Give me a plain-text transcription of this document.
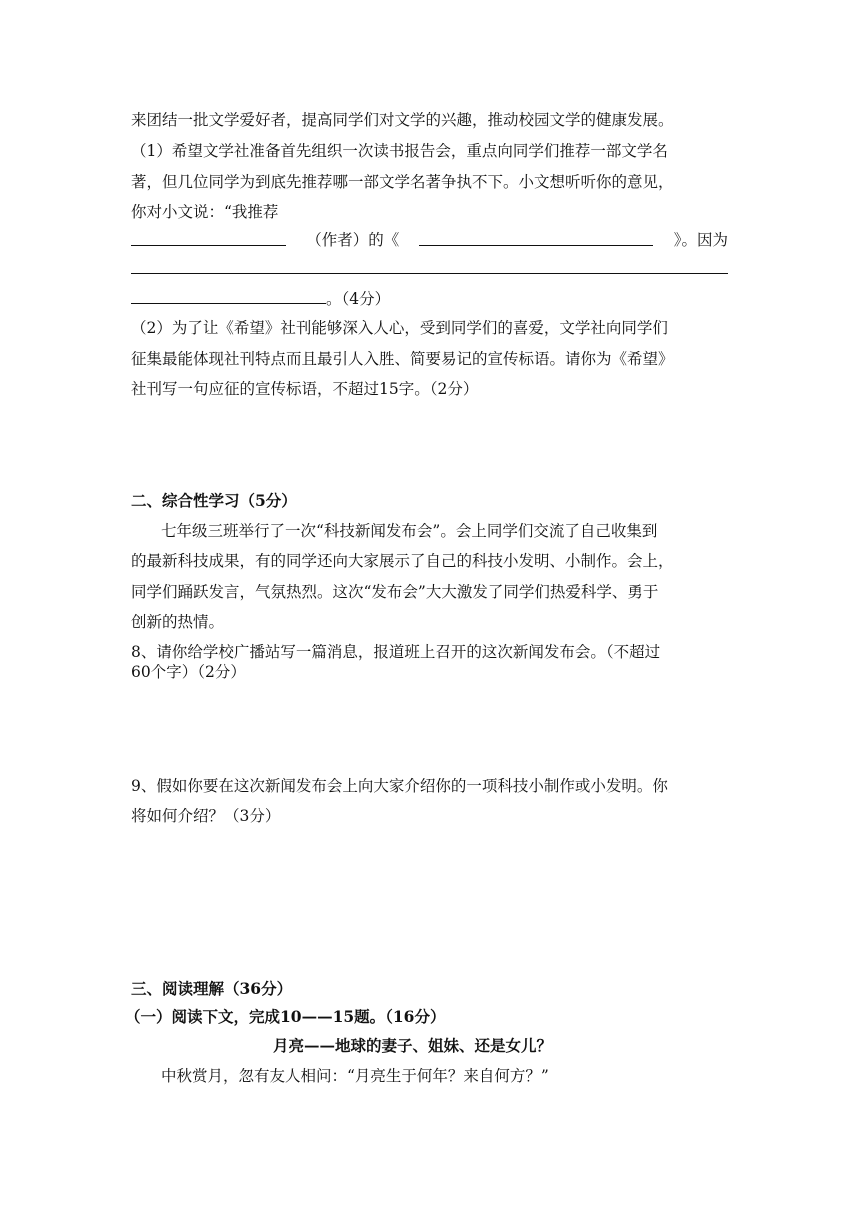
来团结一批文学爱好者，提高同学们对文学的兴趣，推动校园文学的健康发展。
（1）希望文学社准备首先组织一次读书报告会，重点向同学们推荐一部文学名
著，但几位同学为到底先推荐哪一部文学名著争执不下。小文想听听你的意见，
你对小文说：“我推荐
（作者）的《	》。因为
。（4分）
（2）为了让《希望》社刊能够深入人心，受到同学们的喜爱，文学社向同学们
征集最能体现社刊特点而且最引人入胜、简要易记的宣传标语。请你为《希望》
社刊写一句应征的宣传标语，不超过15字。（2分）
二、综合性学习（5分）
七年级三班举行了一次“科技新闻发布会”。会上同学们交流了自己收集到
的最新科技成果，有的同学还向大家展示了自己的科技小发明、小制作。会上，
同学们踊跃发言，气氛热烈。这次“发布会”大大激发了同学们热爱科学、勇于
创新的热情。
8、请你给学校广播站写一篇消息，报道班上召开的这次新闻发布会。（不超过
60个字）（2分）
9、假如你要在这次新闻发布会上向大家介绍你的一项科技小制作或小发明。你
将如何介绍？（3分）
三、阅读理解（36分）
（一）阅读下文，完成10——15题。（16分）
月亮——地球的妻子、姐妹、还是女儿？
中秋赏月，忽有友人相问：“月亮生于何年？来自何方？”
